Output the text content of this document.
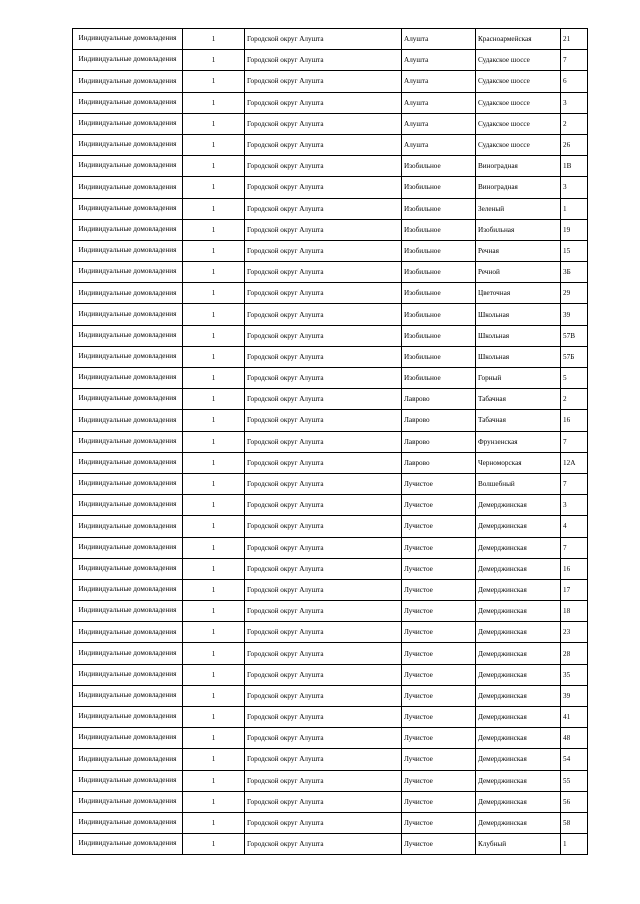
Индивидуальные домовладения	1	Городской округ Алушта	Алушта	Красноармейская	21
Индивидуальные домовладения	1	Городской округ Алушта	Алушта	Судакское шоссе	7
Индивидуальные домовладения	1	Городской округ Алушта	Алушта	Судакское шоссе	6
Индивидуальные домовладения	1	Городской округ Алушта	Алушта	Судакское шоссе	3
Индивидуальные домовладения	1	Городской округ Алушта	Алушта	Судакское шоссе	2
Индивидуальные домовладения	1	Городской округ Алушта	Алушта	Судакское шоссе	26
Индивидуальные домовладения	1	Городской округ Алушта	Изобильное	Виноградная	1В
Индивидуальные домовладения	1	Городской округ Алушта	Изобильное	Виноградная	3
Индивидуальные домовладения	1	Городской округ Алушта	Изобильное	Зеленый	1
Индивидуальные домовладения	1	Городской округ Алушта	Изобильное	Изобильная	19
Индивидуальные домовладения	1	Городской округ Алушта	Изобильное	Речная	15
Индивидуальные домовладения	1	Городской округ Алушта	Изобильное	Речной	3Б
Индивидуальные домовладения	1	Городской округ Алушта	Изобильное	Цветочная	29
Индивидуальные домовладения	1	Городской округ Алушта	Изобильное	Школьная	39
Индивидуальные домовладения	1	Городской округ Алушта	Изобильное	Школьная	57В
Индивидуальные домовладения	1	Городской округ Алушта	Изобильное	Школьная	57Б
Индивидуальные домовладения	1	Городской округ Алушта	Изобильное	Горный	5
Индивидуальные домовладения	1	Городской округ Алушта	Лаврово	Табачная	2
Индивидуальные домовладения	1	Городской округ Алушта	Лаврово	Табачная	16
Индивидуальные домовладения	1	Городской округ Алушта	Лаврово	Фрунзенская	7
Индивидуальные домовладения	1	Городской округ Алушта	Лаврово	Черноморская	12А
Индивидуальные домовладения	1	Городской округ Алушта	Лучистое	Волшебный	7
Индивидуальные домовладения	1	Городской округ Алушта	Лучистое	Демерджинская	3
Индивидуальные домовладения	1	Городской округ Алушта	Лучистое	Демерджинская	4
Индивидуальные домовладения	1	Городской округ Алушта	Лучистое	Демерджинская	7
Индивидуальные домовладения	1	Городской округ Алушта	Лучистое	Демерджинская	16
Индивидуальные домовладения	1	Городской округ Алушта	Лучистое	Демерджинская	17
Индивидуальные домовладения	1	Городской округ Алушта	Лучистое	Демерджинская	18
Индивидуальные домовладения	1	Городской округ Алушта	Лучистое	Демерджинская	23
Индивидуальные домовладения	1	Городской округ Алушта	Лучистое	Демерджинская	28
Индивидуальные домовладения	1	Городской округ Алушта	Лучистое	Демерджинская	35
Индивидуальные домовладения	1	Городской округ Алушта	Лучистое	Демерджинская	39
Индивидуальные домовладения	1	Городской округ Алушта	Лучистое	Демерджинская	41
Индивидуальные домовладения	1	Городской округ Алушта	Лучистое	Демерджинская	48
Индивидуальные домовладения	1	Городской округ Алушта	Лучистое	Демерджинская	54
Индивидуальные домовладения	1	Городской округ Алушта	Лучистое	Демерджинская	55
Индивидуальные домовладения	1	Городской округ Алушта	Лучистое	Демерджинская	56
Индивидуальные домовладения	1	Городской округ Алушта	Лучистое	Демерджинская	58
Индивидуальные домовладения	1	Городской округ Алушта	Лучистое	Клубный	1
